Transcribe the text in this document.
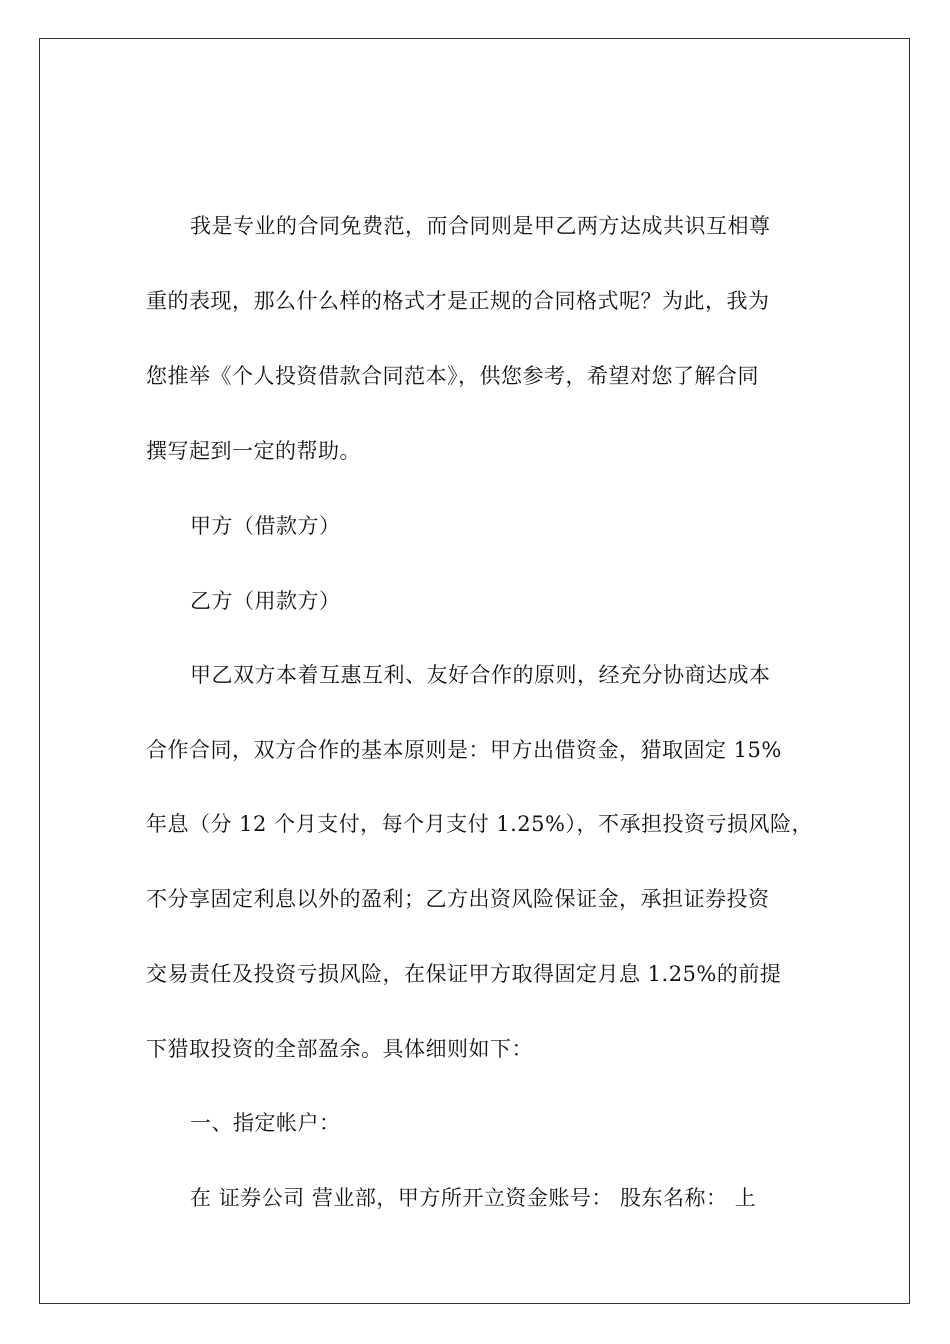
我是专业的合同免费范，而合同则是甲乙两方达成共识互相尊
重的表现，那么什么样的格式才是正规的合同格式呢？为此，我为
您推举《个人投资借款合同范本》，供您参考，希望对您了解合同
撰写起到一定的帮助。
甲方（借款方）
乙方（用款方）
甲乙双方本着互惠互利、友好合作的原则，经充分协商达成本
合作合同，双方合作的基本原则是：甲方出借资金，猎取固定 15%
年息（分 12 个月支付，每个月支付 1.25%），不承担投资亏损风险，
不分享固定利息以外的盈利；乙方出资风险保证金，承担证券投资
交易责任及投资亏损风险，在保证甲方取得固定月息 1.25%的前提
下猎取投资的全部盈余。具体细则如下：
一、指定帐户：
在 证券公司 营业部，甲方所开立资金账号： 股东名称： 上
